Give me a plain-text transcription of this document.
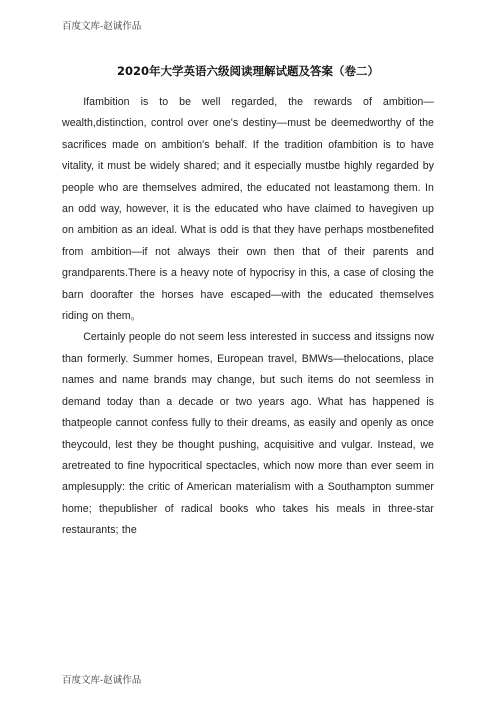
百度文库-赵诚作品
2020年大学英语六级阅读理解试题及答案（卷二）

Ifambition is to be well regarded, the rewards of ambition— wealth,distinction, control over one's destiny—must be deemedworthy of the sacrifices made on ambition's behalf. If the tradition ofambition is to have vitality, it must be widely shared; and it especially mustbe highly regarded by people who are themselves admired, the educated not leastamong them. In an odd way, however, it is the educated who have claimed to havegiven up on ambition as an ideal. What is odd is that they have perhaps mostbenefited from ambition—if not always their own then that of their parents and grandparents.There is a heavy note of hypocrisy in this, a case of closing the barn doorafter the horses have escaped—with the educated themselves riding on them。

Certainly people do not seem less interested in success and itssigns now than formerly. Summer homes, European travel, BMWs—thelocations, place names and name brands may change, but such items do not seemless in demand today than a decade or two years ago. What has happened is thatpeople cannot confess fully to their dreams, as easily and openly as once theycould, lest they be thought pushing, acquisitive and vulgar. Instead, we aretreated to fine hypocritical spectacles, which now more than ever seem in amplesupply: the critic of American materialism with a Southampton summer home; thepublisher of radical books who takes his meals in three-star restaurants; the

百度文库-赵诚作品
